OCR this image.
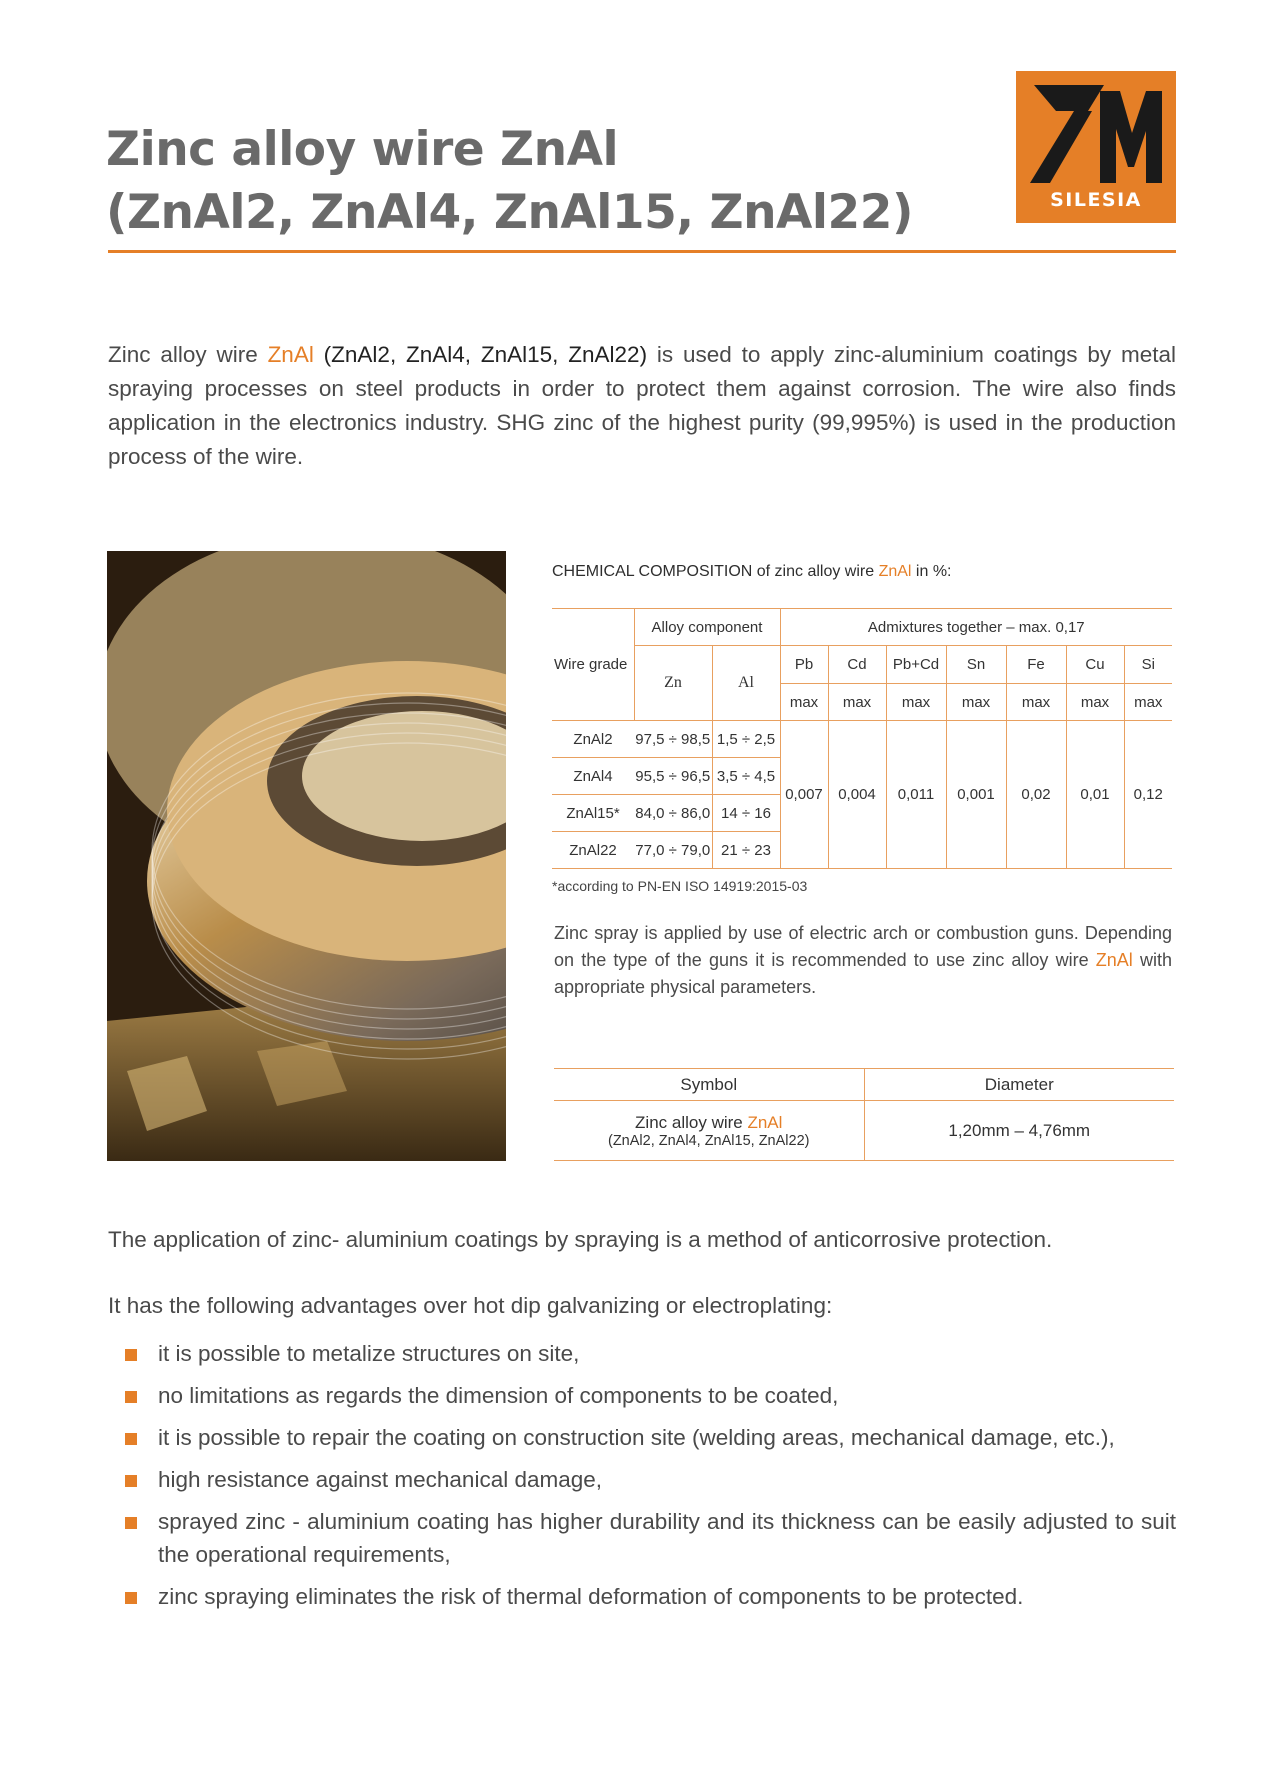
Zinc alloy wire ZnAl
(ZnAl2, ZnAl4, ZnAl15, ZnAl22)	SILESIA
Zinc alloy wire ZnAl (ZnAl2, ZnAl4, ZnAl15, ZnAl22) is used to apply zinc-aluminium coatings by metal spraying processes on steel products in order to protect them against corrosion. The wire also finds application in the electronics industry. SHG zinc of the highest purity (99,995%) is used in the production process of the wire.
CHEMICAL COMPOSITION of zinc alloy wire ZnAl in %:
Wire grade	Alloy component		Admixtures together – max. 0,17						
	Zn	Al	Pb	Cd	Pb+Cd	Sn	Fe	Cu	Si
			max	max	max	max	max	max	max
ZnAl2	97,5 ÷ 98,5	1,5 ÷ 2,5	0,007	0,004	0,011	0,001	0,02	0,01	0,12
ZnAl4	95,5 ÷ 96,5	3,5 ÷ 4,5							
ZnAl15*	84,0 ÷ 86,0	14 ÷ 16							
ZnAl22	77,0 ÷ 79,0	21 ÷ 23							
*according to PN-EN ISO 14919:2015-03
Zinc spray is applied by use of electric arch or combustion guns. Depending on the type of the guns it is recommended to use zinc alloy wire ZnAl with appropriate physical parameters.
Symbol	Diameter

Zinc alloy wire ZnAl
(ZnAl2, ZnAl4, ZnAl15, ZnAl22)	1,20mm – 4,76mm
The application of zinc- aluminium coatings by spraying is a method of anticorrosive protection.
It has the following advantages over hot dip galvanizing or electroplating:
it is possible to metalize structures on site,
no limitations as regards the dimension of components to be coated,
it is possible to repair the coating on construction site (welding areas, mechanical damage, etc.),
high resistance against mechanical damage,
sprayed zinc - aluminium coating has higher durability and its thickness can be easily adjusted to suit the operational requirements,
zinc spraying eliminates the risk of thermal deformation of components to be protected.
